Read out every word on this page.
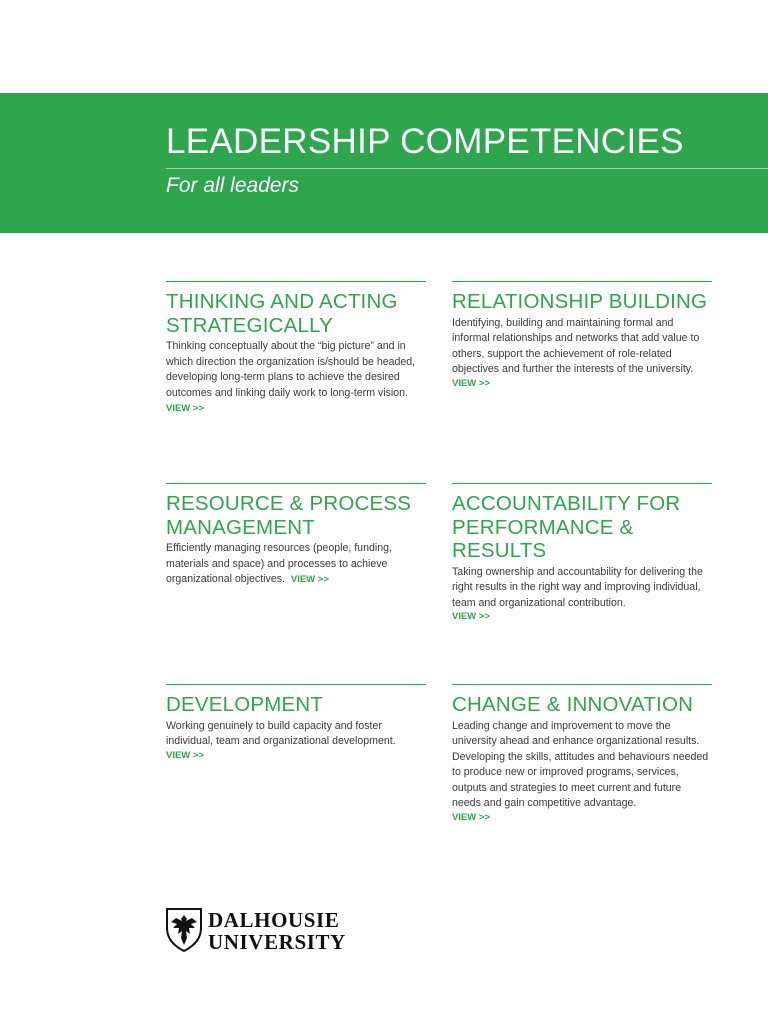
LEADERSHIP COMPETENCIES
For all leaders
THINKING AND ACTING STRATEGICALLY

Thinking conceptually about the “big picture” and in which direction the organization is/should be headed, developing long-term plans to achieve the desired outcomes and linking daily work to long-term vision. VIEW >>

RELATIONSHIP BUILDING

Identifying, building and maintaining formal and informal relationships and networks that add value to others, support the achievement of role-related objectives and further the interests of the university.

VIEW >>
RESOURCE & PROCESS MANAGEMENT

Efficiently managing resources (people, funding, materials and space) and processes to achieve organizational objectives. VIEW >>

ACCOUNTABILITY FOR PERFORMANCE & RESULTS

Taking ownership and accountability for delivering the right results in the right way and improving individual, team and organizational contribution.

VIEW >>
DEVELOPMENT

Working genuinely to build capacity and foster individual, team and organizational development.

VIEW >>
CHANGE & INNOVATION

Leading change and improvement to move the university ahead and enhance organizational results. Developing the skills, attitudes and behaviours needed to produce new or improved programs, services, outputs and strategies to meet current and future needs and gain competitive advantage.

VIEW >>
DALHOUSIE
UNIVERSITY
